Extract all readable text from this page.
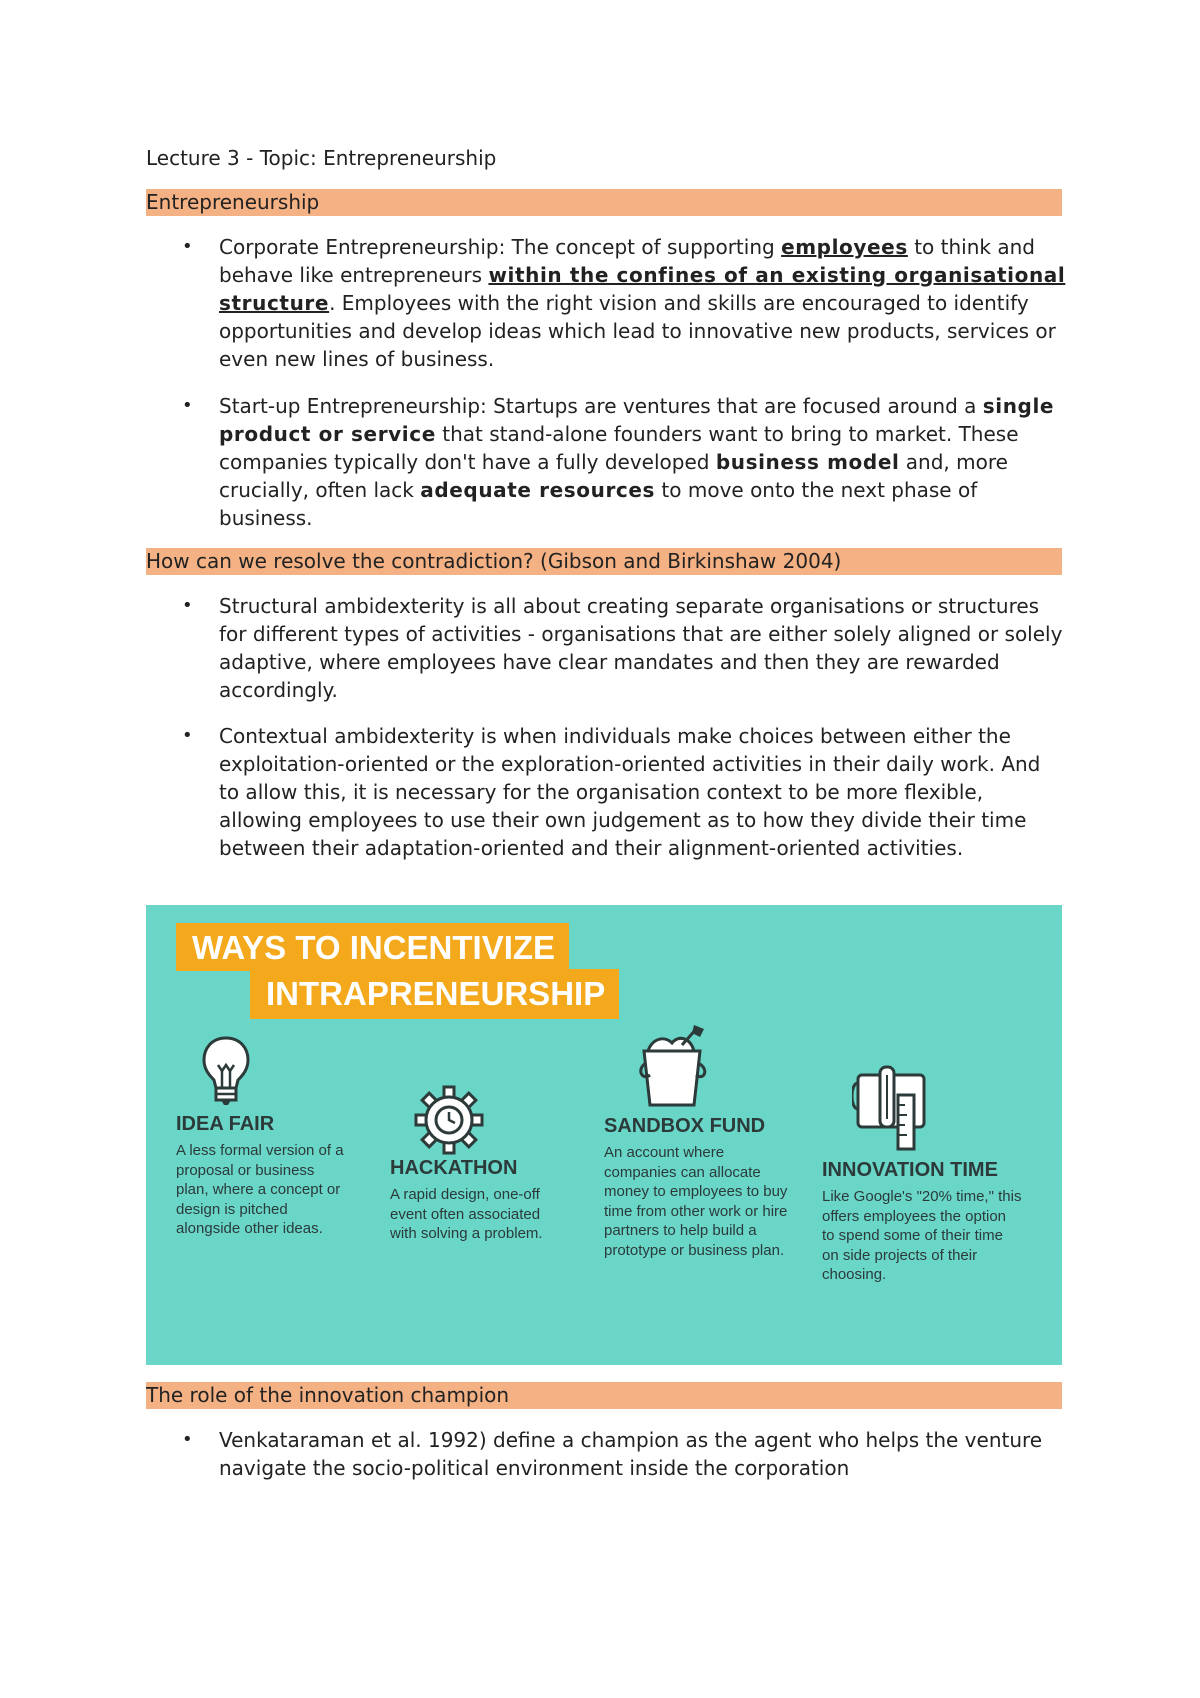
Lecture 3 - Topic: Entrepreneurship
Entrepreneurship
• Corporate Entrepreneurship: The concept of supporting employees to think and behave like entrepreneurs within the confines of an existing organisational structure. Employees with the right vision and skills are encouraged to identify opportunities and develop ideas which lead to innovative new products, services or even new lines of business.
• Start-up Entrepreneurship: Startups are ventures that are focused around a single product or service that stand-alone founders want to bring to market. These companies typically don't have a fully developed business model and, more crucially, often lack adequate resources to move onto the next phase of business.
How can we resolve the contradiction? (Gibson and Birkinshaw 2004)
• Structural ambidexterity is all about creating separate organisations or structures for different types of activities - organisations that are either solely aligned or solely adaptive, where employees have clear mandates and then they are rewarded accordingly.
• Contextual ambidexterity is when individuals make choices between either the exploitation-oriented or the exploration-oriented activities in their daily work. And to allow this, it is necessary for the organisation context to be more flexible, allowing employees to use their own judgement as to how they divide their time between their adaptation-oriented and their alignment-oriented activities.
WAYS TO INCENTIVIZE
INTRAPRENEURSHIP
IDEA FAIR
A less formal version of a proposal or business plan, where a concept or design is pitched alongside other ideas.
HACKATHON
A rapid design, one-off event often associated with solving a problem.
SANDBOX FUND
An account where companies can allocate money to employees to buy time from other work or hire partners to help build a prototype or business plan.
INNOVATION TIME
Like Google's "20% time," this offers employees the option to spend some of their time on side projects of their choosing.
The role of the innovation champion
• Venkataraman et al. 1992) define a champion as the agent who helps the venture navigate the socio-political environment inside the corporation
